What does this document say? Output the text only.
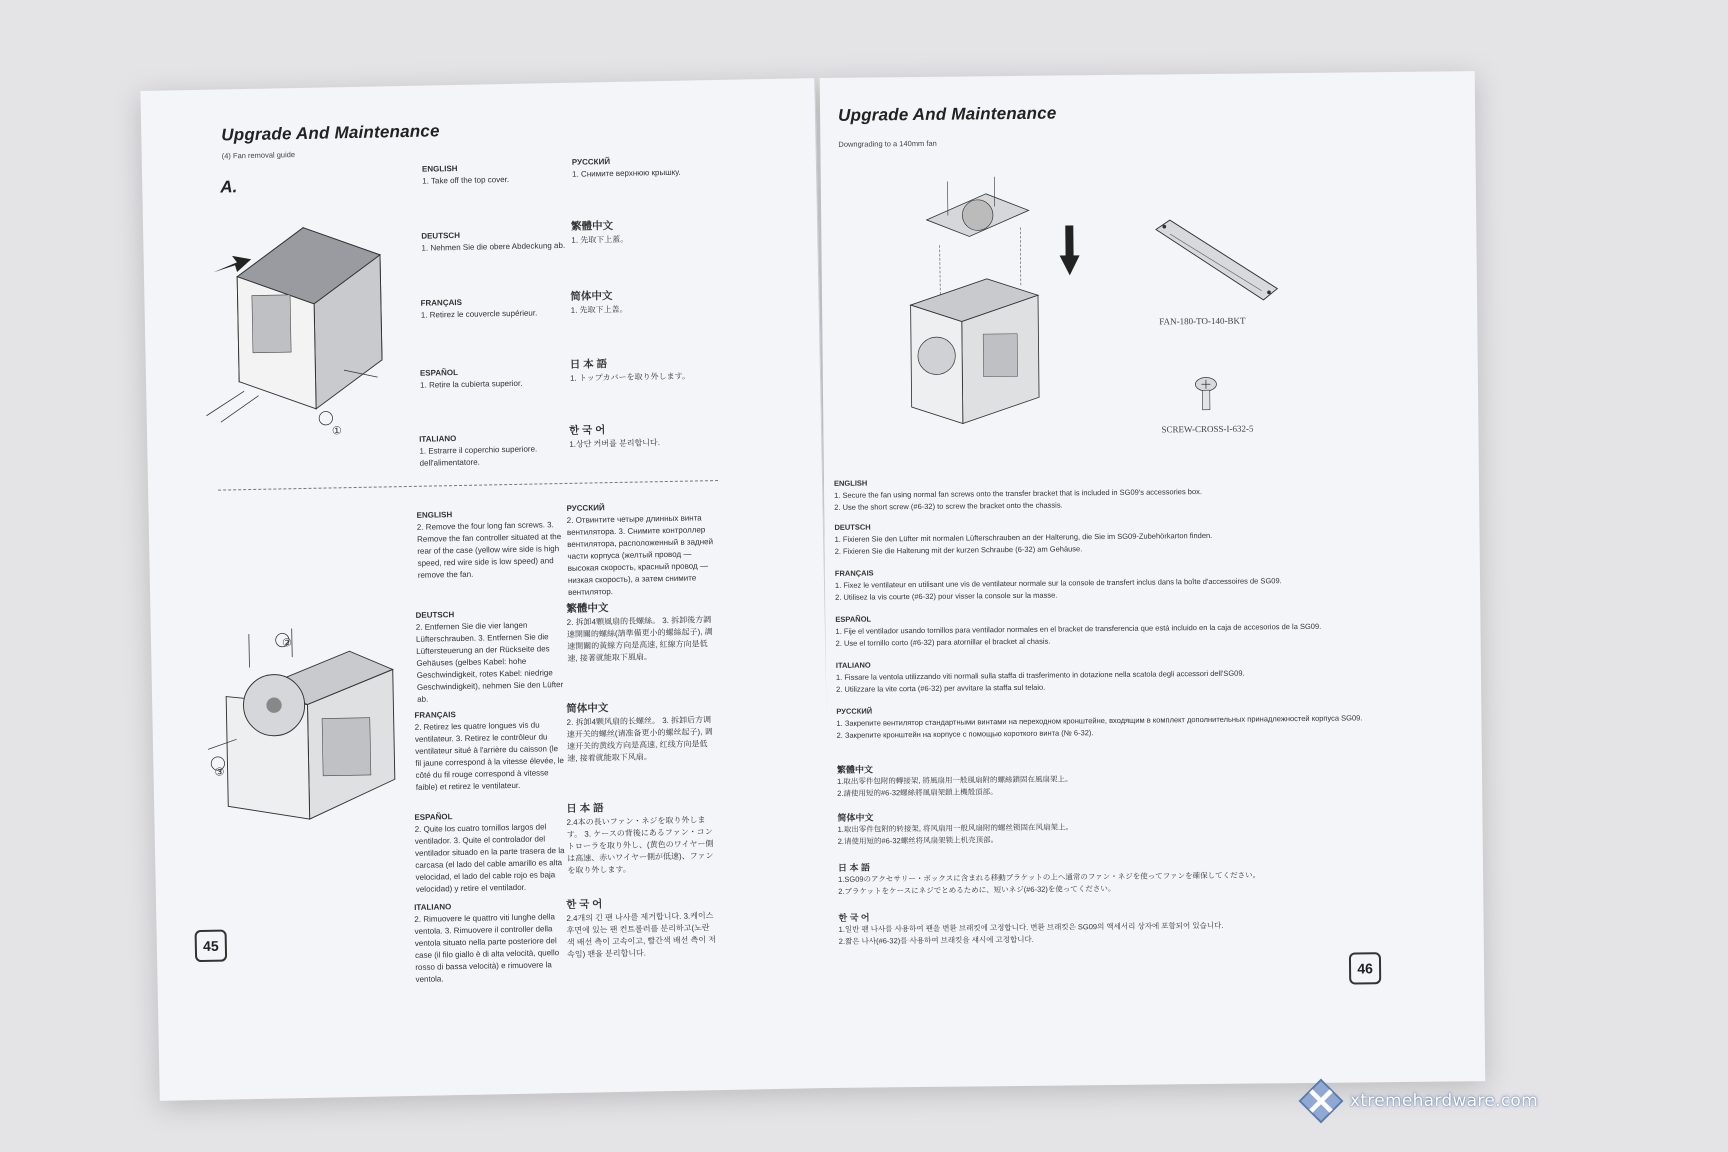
Upgrade And Maintenance
(4) Fan removal guide
A.
①
ENGLISH
1. Take off the top cover.
РУССКИЙ
1. Снимите верхнюю крышку.
DEUTSCH
1. Nehmen Sie die obere Abdeckung ab.
繁體中文
1. 先取下上蓋。
FRANÇAIS
1. Retirez le couvercle supérieur.
简体中文
1. 先取下上盖。
ESPAÑOL
1. Retire la cubierta superior.
日 本 語
1. トップカバーを取り外します。
ITALIANO
1. Estrarre il coperchio superiore. dell'alimentatore.
한 국 어
1.상단 커버를 분리합니다.
②
③
ENGLISH
2. Remove the four long fan screws. 3. Remove the fan controller situated at the rear of the case (yellow wire side is high speed, red wire side is low speed) and remove the fan.
РУССКИЙ
2. Отвинтите четыре длинных винта вентилятора. 3. Снимите контроллер вентилятора, расположенный в задней части корпуса (желтый провод — высокая скорость, красный провод — низкая скорость), а затем снимите вентилятор.
DEUTSCH
2. Entfernen Sie die vier langen Lüfterschrauben. 3. Entfernen Sie die Lüftersteuerung an der Rückseite des Gehäuses (gelbes Kabel: hohe Geschwindigkeit, rotes Kabel: niedrige Geschwindigkeit), nehmen Sie den Lüfter ab.
繁體中文
2. 拆卸4顆風扇的長螺絲。 3. 拆卸後方調速開關的螺絲(請準備更小的螺絲起子), 調速開關的黃線方向是高速, 紅線方向是低速, 接著就能取下風扇。
FRANÇAIS
2. Retirez les quatre longues vis du ventilateur. 3. Retirez le contrôleur du ventilateur situé à l'arrière du caisson (le fil jaune correspond à la vitesse élevée, le côté du fil rouge correspond à vitesse faible) et retirez le ventilateur.
简体中文
2. 拆卸4颗风扇的长螺丝。 3. 拆卸后方调速开关的螺丝(请准备更小的螺丝起子), 调速开关的黄线方向是高速, 红线方向是低速, 接着就能取下风扇。
ESPAÑOL
2. Quite los cuatro tornillos largos del ventilador. 3. Quite el controlador del ventilador situado en la parte trasera de la carcasa (el lado del cable amarillo es alta velocidad, el lado del cable rojo es baja velocidad) y retire el ventilador.
日 本 語
2.4本の長いファン・ネジを取り外します。 3. ケースの背後にあるファン・コントローラを取り外し、(黄色のワイヤー側は高速、赤いワイヤー側が低速)、ファンを取り外します。
ITALIANO
2. Rimuovere le quattro viti lunghe della ventola. 3. Rimuovere il controller della ventola situato nella parte posteriore del case (il filo giallo è di alta velocità, quello rosso di bassa velocità) e rimuovere la ventola.
한 국 어
2.4개의 긴 팬 나사를 제거합니다. 3.케이스 후면에 있는 팬 컨트롤러를 분리하고(노란색 배선 측이 고속이고, 빨간색 배선 측이 저속임) 팬을 분리합니다.
45
Upgrade And Maintenance
Downgrading to a 140mm fan
FAN-180-TO-140-BKT
SCREW-CROSS-I-632-5
ENGLISH
1. Secure the fan using normal fan screws onto the transfer bracket that is included in SG09's accessories box.
2. Use the short screw (#6-32) to screw the bracket onto the chassis.
DEUTSCH
1. Fixieren Sie den Lüfter mit normalen Lüfterschrauben an der Halterung, die Sie im SG09-Zubehörkarton finden.
2. Fixieren Sie die Halterung mit der kurzen Schraube (6-32) am Gehäuse.
FRANÇAIS
1. Fixez le ventilateur en utilisant une vis de ventilateur normale sur la console de transfert inclus dans la boîte d'accessoires de SG09.
2. Utilisez la vis courte (#6-32) pour visser la console sur la masse.
ESPAÑOL
1. Fije el ventilador usando tornillos para ventilador normales en el bracket de transferencia que está incluido en la caja de accesorios de la SG09.
2. Use el tornillo corto (#6-32) para atornillar el bracket al chasis.
ITALIANO
1. Fissare la ventola utilizzando viti normali sulla staffa di trasferimento in dotazione nella scatola degli accessori dell'SG09.
2. Utilizzare la vite corta (#6-32) per avvitare la staffa sul telaio.
РУССКИЙ
1. Закрепите вентилятор стандартными винтами на переходном кронштейне, входящим в комплект дополнительных принадлежностей корпуса SG09.
2. Закрепите кронштейн на корпусе с помощью короткого винта (№ 6-32).
繁體中文
1.取出零件包附的轉接架, 將風扇用一般風扇附的螺絲鎖固在風扇架上。
2.請使用短的#6-32螺絲將風扇架鎖上機殼頂部。
简体中文
1.取出零件包附的转接架, 将风扇用一般风扇附的螺丝锁固在风扇架上。
2.请使用短的#6-32螺丝将风扇架锁上机壳顶部。
日 本 語
1.SG09のアクセサリー・ボックスに含まれる移動ブラケットの上へ通常のファン・ネジを使ってファンを確保してください。
2.ブラケットをケースにネジでとめるために、短いネジ(#6-32)を使ってください。
한 국 어
1.일반 팬 나사를 사용하여 팬을 변환 브래킷에 고정합니다. 변환 브래킷은 SG09의 액세서리 상자에 포함되어 있습니다.
2.짧은 나사(#6-32)를 사용하여 브래킷을 섀시에 고정합니다.
46
xtremehardware.com
